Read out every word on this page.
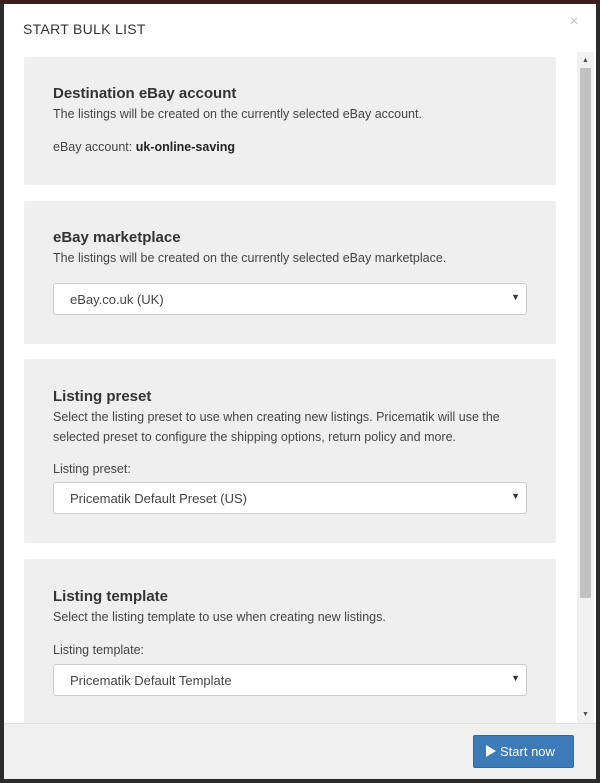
START BULK LIST	×
Destination eBay account
The listings will be created on the currently selected eBay account.
eBay account: uk-online-saving
eBay marketplace
The listings will be created on the currently selected eBay marketplace.
eBay.co.uk (UK)	▼
Listing preset
Select the listing preset to use when creating new listings. Pricematik will use the selected preset to configure the shipping options, return policy and more.
Listing preset:
Pricematik Default Preset (US)	▼
Listing template
Select the listing template to use when creating new listings.
Listing template:
Pricematik Default Template	▼
▲
▼
Start now
